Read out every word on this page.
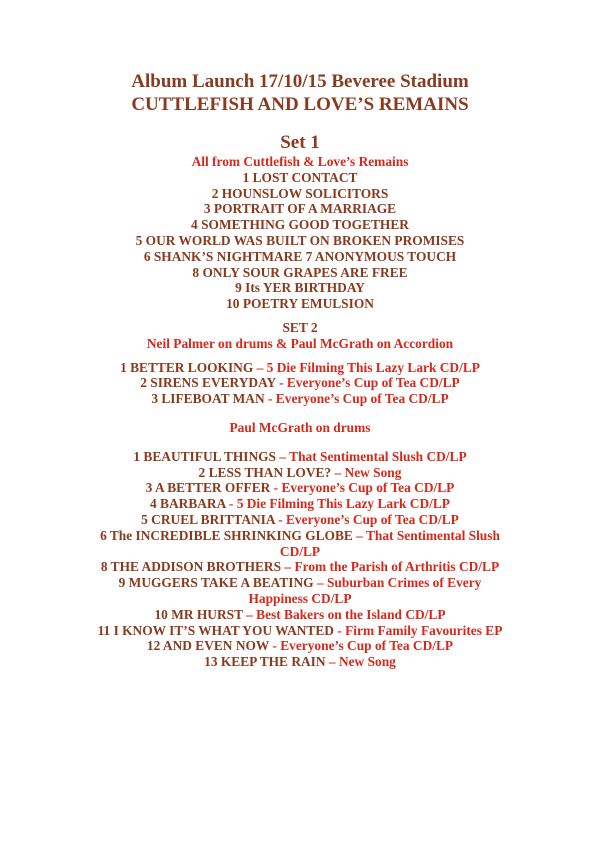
Album Launch 17/10/15 Beveree Stadium
CUTTLEFISH AND LOVE’S REMAINS
Set 1
All from Cuttlefish & Love’s Remains
1 LOST CONTACT
2 HOUNSLOW SOLICITORS
3 PORTRAIT OF A MARRIAGE
4 SOMETHING GOOD TOGETHER
5 OUR WORLD WAS BUILT ON BROKEN PROMISES
6 SHANK’S NIGHTMARE 7 ANONYMOUS TOUCH
8 ONLY SOUR GRAPES ARE FREE
9 Its YER BIRTHDAY
10 POETRY EMULSION
SET 2
Neil Palmer on drums & Paul McGrath on Accordion
1 BETTER LOOKING – 5 Die Filming This Lazy Lark CD/LP
2 SIRENS EVERYDAY - Everyone’s Cup of Tea CD/LP
3 LIFEBOAT MAN - Everyone’s Cup of Tea CD/LP
Paul McGrath on drums
1 BEAUTIFUL THINGS – That Sentimental Slush CD/LP
2 LESS THAN LOVE? – New Song
3 A BETTER OFFER - Everyone’s Cup of Tea CD/LP
4 BARBARA - 5 Die Filming This Lazy Lark CD/LP
5 CRUEL BRITTANIA - Everyone’s Cup of Tea CD/LP
6 The INCREDIBLE SHRINKING GLOBE – That Sentimental Slush CD/LP
8 THE ADDISON BROTHERS – From the Parish of Arthritis CD/LP
9 MUGGERS TAKE A BEATING – Suburban Crimes of Every Happiness CD/LP
10 MR HURST – Best Bakers on the Island CD/LP
11 I KNOW IT’S WHAT YOU WANTED - Firm Family Favourites EP
12 AND EVEN NOW - Everyone’s Cup of Tea CD/LP
13 KEEP THE RAIN – New Song
